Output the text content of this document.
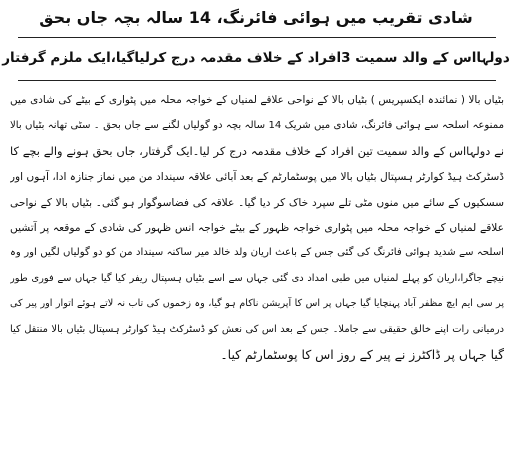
شادی تقریب میں ہوائی فائرنگ، 14 سالہ بچہ جاں بحق
دولہااس کے والد سمیت 3افراد کے خلاف مقدمہ درج کرلیاگیا،ایک ملزم گرفتار
بٹیاں بالا ( نمائندہ ایکسپریس ) بٹیاں بالا کے نواحی علاقے لمنیاں کے خواجہ محلہ میں پٹواری کے بیٹے کی شادی میں
ممنوعہ اسلحہ سے ہوائی فائرنگ، شادی میں شریک 14 سالہ بچہ دو گولیاں لگنے سے جاں بحق ۔ سٹی تھانہ بٹیاں بالا
نے دولہااس کے والد سمیت تین افراد کے خلاف مقدمہ درج کر لیا۔ایک گرفتار، جاں بحق ہونے والے بچے کا
ڈسٹرکٹ ہیڈ کوارٹر ہسپتال بٹیاں بالا میں پوسٹمارٹم کے بعد آبائی علاقہ سینداد من میں نماز جنازہ ادا، آہوں اور
سسکیوں کے سائے میں منوں مٹی تلے سپرد خاک کر دیا گیا۔ علاقہ کی فضاسوگوار ہو گئی۔ بٹیاں بالا کے نواحی
علاقے لمنیاں کے خواجہ محلہ میں پٹواری خواجہ ظہور کے بیٹے خواجہ انس ظہور کی شادی کے موقعہ پر آتشیں
اسلحہ سے شدید ہوائی فائرنگ کی گئی جس کے باعث اریان ولد خالد میر ساکنہ سینداد من کو دو گولیاں لگیں اور وہ
نیچے جاگرا،اریان کو پہلے لمنیاں میں طبی امداد دی گئی جہاں سے اسے بٹیاں ہسپتال ریفر کیا گیا جہاں سے فوری طور
پر سی ایم ایچ مظفر آباد پہنچایا گیا جہاں پر اس کا آپریشن ناکام ہو گیا، وہ زخموں کی تاب نہ لاتے ہوئے اتوار اور پیر کی
درمیانی رات اپنے خالق حقیقی سے جاملا۔ جس کے بعد اس کی نعش کو ڈسٹرکٹ ہیڈ کوارٹر ہسپتال بٹیاں بالا منتقل کیا
گیا جہاں پر ڈاکٹرز نے پیر کے روز اس کا پوسٹمارٹم کیا۔
